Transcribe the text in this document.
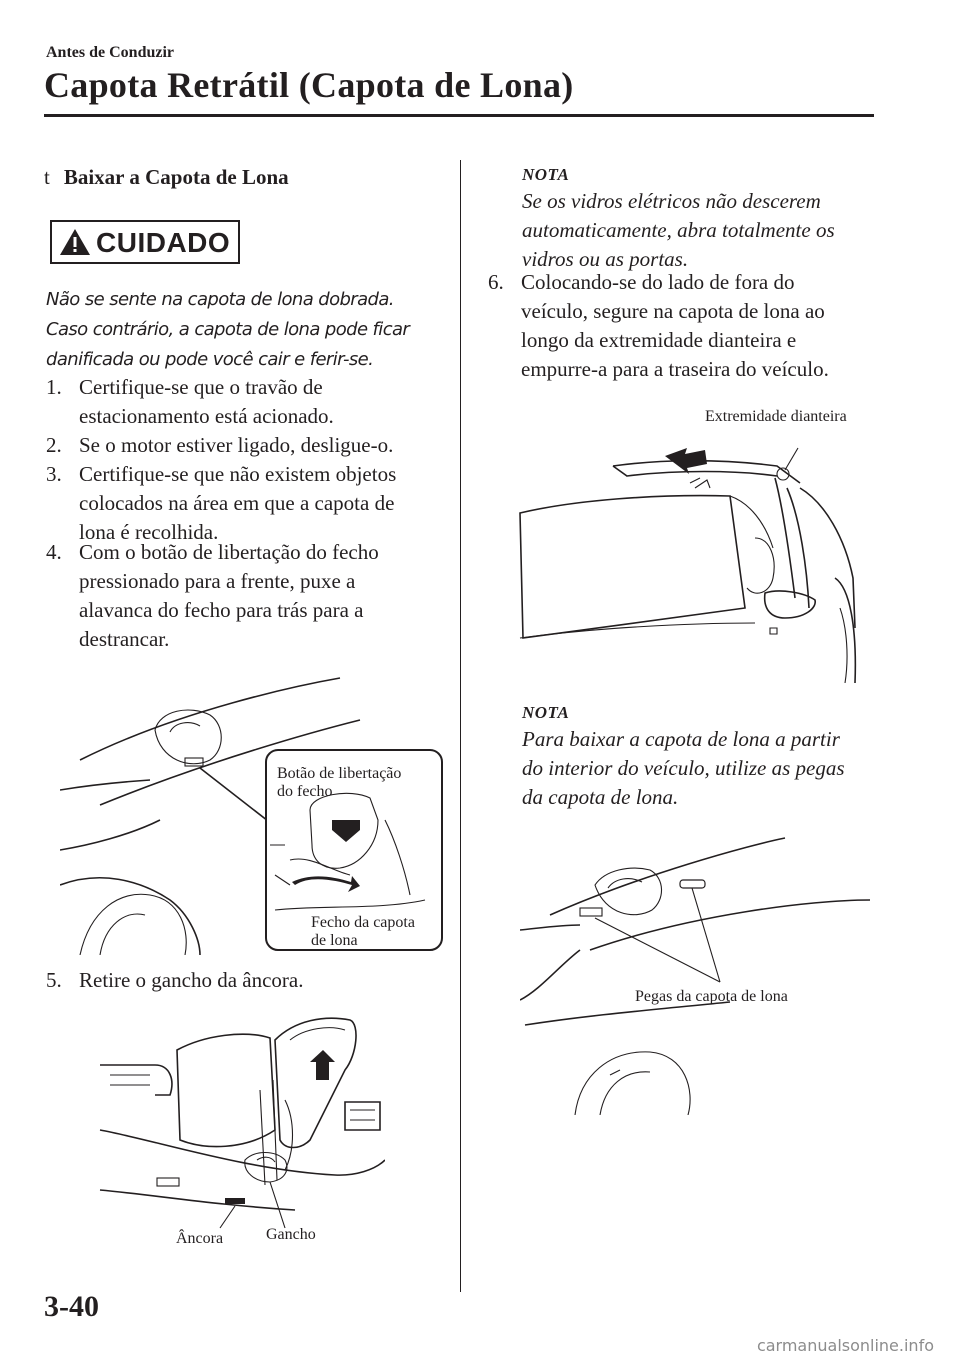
Antes de Conduzir
Capota Retrátil (Capota de Lona)
t Baixar a Capota de Lona
CUIDADO
Não se sente na capota de lona dobrada.
Caso contrário, a capota de lona pode ficar
danificada ou pode você cair e ferir-se.
1. Certifique-se que o travão de
estacionamento está acionado.
2. Se o motor estiver ligado, desligue-o.
3. Certifique-se que não existem objetos
colocados na área em que a capota de
lona é recolhida.
4. Com o botão de libertação do fecho
pressionado para a frente, puxe a
alavanca do fecho para trás para a
destrancar.
Botão de libertação
do fecho
Fecho da capota
de lona
5. Retire o gancho da âncora.
Âncora	Gancho
NOTA
Se os vidros elétricos não descerem
automaticamente, abra totalmente os
vidros ou as portas.
6. Colocando-se do lado de fora do
veículo, segure na capota de lona ao
longo da extremidade dianteira e
empurre-a para a traseira do veículo.
Extremidade dianteira
NOTA
Para baixar a capota de lona a partir
do interior do veículo, utilize as pegas
da capota de lona.
Pegas da capota de lona
3-40
carmanualsonline.info
